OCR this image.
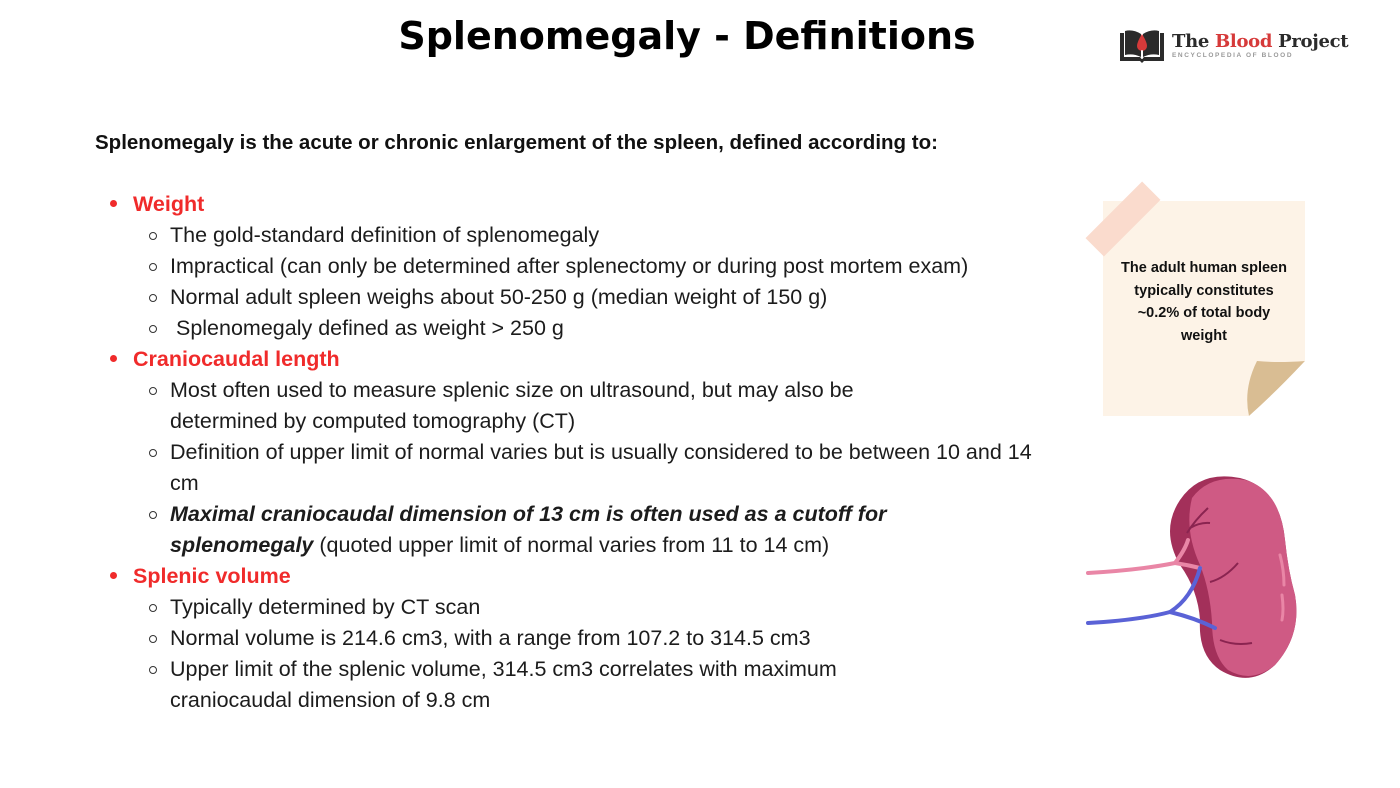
Splenomegaly - Definitions	The Blood Project
ENCYCLOPEDIA OF BLOOD
Splenomegaly is the acute or chronic enlargement of the spleen, defined according to:
Weight
The gold-standard definition of splenomegaly
Impractical (can only be determined after splenectomy or during post mortem exam)
Normal adult spleen weighs about 50-250 g (median weight of 150 g)
Splenomegaly defined as weight > 250 g
Craniocaudal length
Most often used to measure splenic size on ultrasound, but may also be determined by computed tomography (CT)
Definition of upper limit of normal varies but is usually considered to be between 10 and 14 cm
Maximal craniocaudal dimension of 13 cm is often used as a cutoff for splenomegaly (quoted upper limit of normal varies from 11 to 14 cm)
Splenic volume
Typically determined by CT scan
Normal volume is 214.6 cm3, with a range from 107.2 to 314.5 cm3
Upper limit of the splenic volume, 314.5 cm3 correlates with maximum craniocaudal dimension of 9.8 cm
The adult human spleen typically constitutes ~0.2% of total body weight
